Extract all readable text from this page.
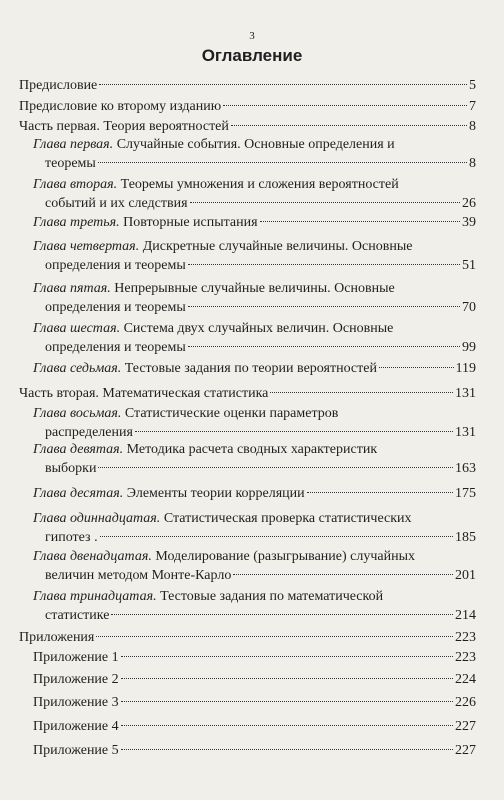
3
Оглавление
Предисловие	5
Предисловие ко второму изданию	7
Часть первая. Теория вероятностей	8
Глава первая. Случайные события. Основные определения и
теоремы	8
Глава вторая. Теоремы умножения и сложения вероятностей
событий и их следствия	26
Глава третья. Повторные испытания	39
Глава четвертая. Дискретные случайные величины. Основные
определения и теоремы	51
Глава пятая. Непрерывные случайные величины. Основные
определения и теоремы	70
Глава шестая. Система двух случайных величин. Основные
определения и теоремы	99
Глава седьмая. Тестовые задания по теории вероятностей	119
Часть вторая. Математическая статистика	131
Глава восьмая. Статистические оценки параметров
распределения	131
Глава девятая. Методика расчета сводных характеристик
выборки	163
Глава десятая. Элементы теории корреляции	175
Глава одиннадцатая. Статистическая проверка статистических
гипотез .	185
Глава двенадцатая. Моделирование (разыгрывание) случайных
величин методом Монте-Карло	201
Глава тринадцатая. Тестовые задания по математической
статистике	214
Приложения	223
Приложение 1	223
Приложение 2	224
Приложение 3	226
Приложение 4	227
Приложение 5	227
